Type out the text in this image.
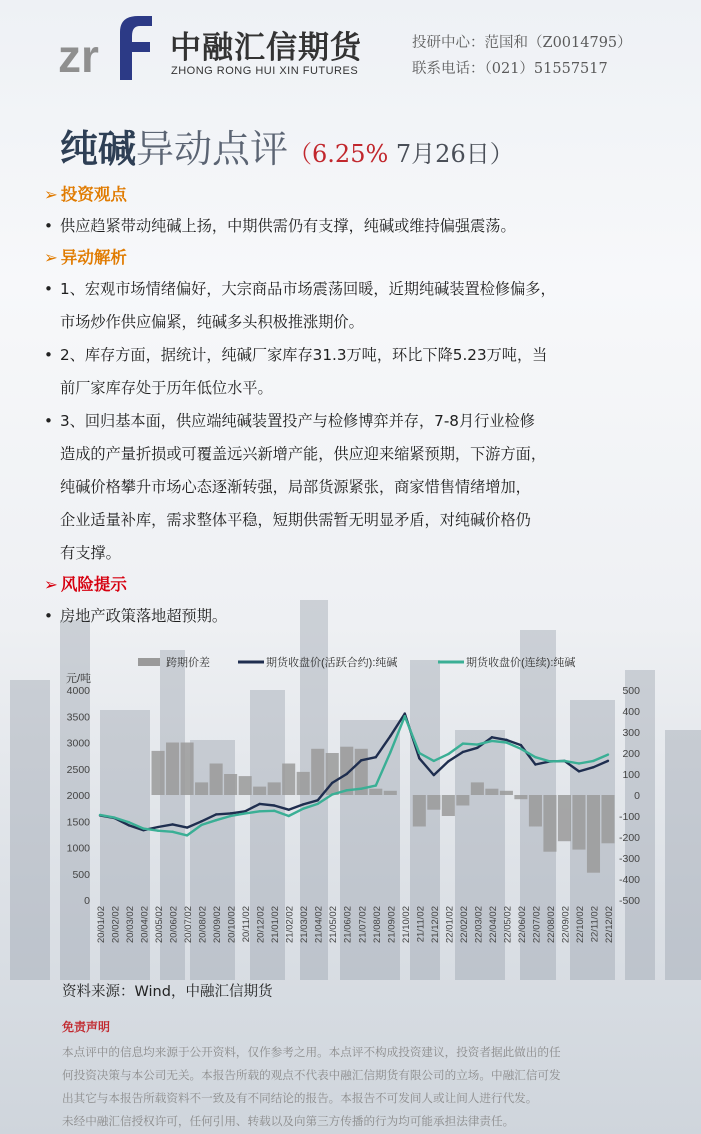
zr 中融汇信期货
ZHONG RONG HUI XIN FUTURES
投研中心：范国和（Z0014795）
联系电话：（021）51557517
纯碱异动点评（6.25% 7月26日）
➢ 投资观点

• 供应趋紧带动纯碱上扬，中期供需仍有支撑，纯碱或维持偏强震荡。

➢ 异动解析

• 1、宏观市场情绪偏好，大宗商品市场震荡回暖，近期纯碱装置检修偏多，

市场炒作供应偏紧，纯碱多头积极推涨期价。

• 2、库存方面，据统计，纯碱厂家库存31.3万吨，环比下降5.23万吨，当

前厂家库存处于历年低位水平。

• 3、回归基本面，供应端纯碱装置投产与检修博弈并存，7-8月行业检修

造成的产量折损或可覆盖远兴新增产能，供应迎来缩紧预期，下游方面，

纯碱价格攀升市场心态逐渐转强，局部货源紧张，商家惜售情绪增加，

企业适量补库，需求整体平稳，短期供需暂无明显矛盾，对纯碱价格仍

有支撑。

➢ 风险提示

• 房地产政策落地超预期。

跨期价差	期货收盘价(活跃合约):纯碱	期货收盘价(连续):纯碱
元/吨
0
500
1000
1500
2000
2500
3000
3500
4000	500
400
300
200
100
0
-100
-200
-300
-400
-500
20/01/02 20/02/02 20/03/02 20/04/02 20/05/02 20/06/02 20/07/02 20/08/02 20/09/02 20/10/02 20/11/02 20/12/02 21/01/02 21/02/02 21/03/02 21/04/02 21/05/02 21/06/02 21/07/02 21/08/02 21/09/02 21/10/02 21/11/02 21/12/02 22/01/02 22/02/02 22/03/02 22/04/02 22/05/02 22/06/02 22/07/02 22/08/02 22/09/02 22/10/02 22/11/02 22/12/02
资料来源：Wind，中融汇信期货
免责声明
本点评中的信息均来源于公开资料，仅作参考之用。本点评不构成投资建议，投资者据此做出的任
何投资决策与本公司无关。本报告所载的观点不代表中融汇信期货有限公司的立场。中融汇信可发
出其它与本报告所载资料不一致及有不同结论的报告。本报告不可发间人或让间人进行代发。
未经中融汇信授权许可，任何引用、转载以及向第三方传播的行为均可能承担法律责任。
